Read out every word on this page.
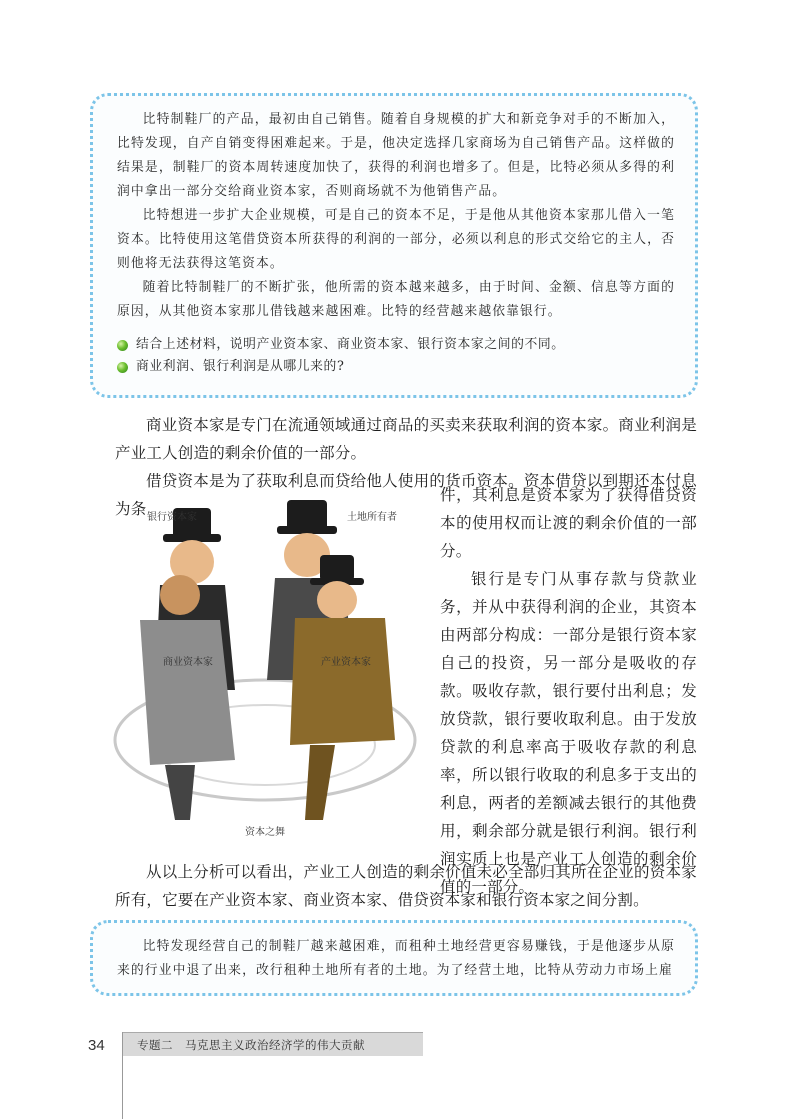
比特制鞋厂的产品，最初由自己销售。随着自身规模的扩大和新竞争对手的不断加入，比特发现，自产自销变得困难起来。于是，他决定选择几家商场为自己销售产品。这样做的结果是，制鞋厂的资本周转速度加快了，获得的利润也增多了。但是，比特必须从多得的利润中拿出一部分交给商业资本家，否则商场就不为他销售产品。

比特想进一步扩大企业规模，可是自己的资本不足，于是他从其他资本家那儿借入一笔资本。比特使用这笔借贷资本所获得的利润的一部分，必须以利息的形式交给它的主人，否则他将无法获得这笔资本。

随着比特制鞋厂的不断扩张，他所需的资本越来越多，由于时间、金额、信息等方面的原因，从其他资本家那儿借钱越来越困难。比特的经营越来越依靠银行。

结合上述材料，说明产业资本家、商业资本家、银行资本家之间的不同。
商业利润、银行利润是从哪儿来的?

商业资本家是专门在流通领域通过商品的买卖来获取利润的资本家。商业利润是产业工人创造的剩余价值的一部分。

借贷资本是为了获取利息而贷给他人使用的货币资本。资本借贷以到期还本付息为条

件，其利息是资本家为了获得借贷资本的使用权而让渡的剩余价值的一部分。

银行是专门从事存款与贷款业务，并从中获得利润的企业，其资本由两部分构成：一部分是银行资本家自己的投资，另一部分是吸收的存款。吸收存款，银行要付出利息；发放贷款，银行要收取利息。由于发放贷款的利息率高于吸收存款的利息率，所以银行收取的利息多于支出的利息，两者的差额减去银行的其他费用，剩余部分就是银行利润。银行利润实质上也是产业工人创造的剩余价值的一部分。

银行资本家	土地所有者
商业资本家	产业资本家
资本之舞

从以上分析可以看出，产业工人创造的剩余价值未必全部归其所在企业的资本家所有，它要在产业资本家、商业资本家、借贷资本家和银行资本家之间分割。

比特发现经营自己的制鞋厂越来越困难，而租种土地经营更容易赚钱，于是他逐步从原来的行业中退了出来，改行租种土地所有者的土地。为了经营土地，比特从劳动力市场上雇

34	专题二　马克思主义政治经济学的伟大贡献
